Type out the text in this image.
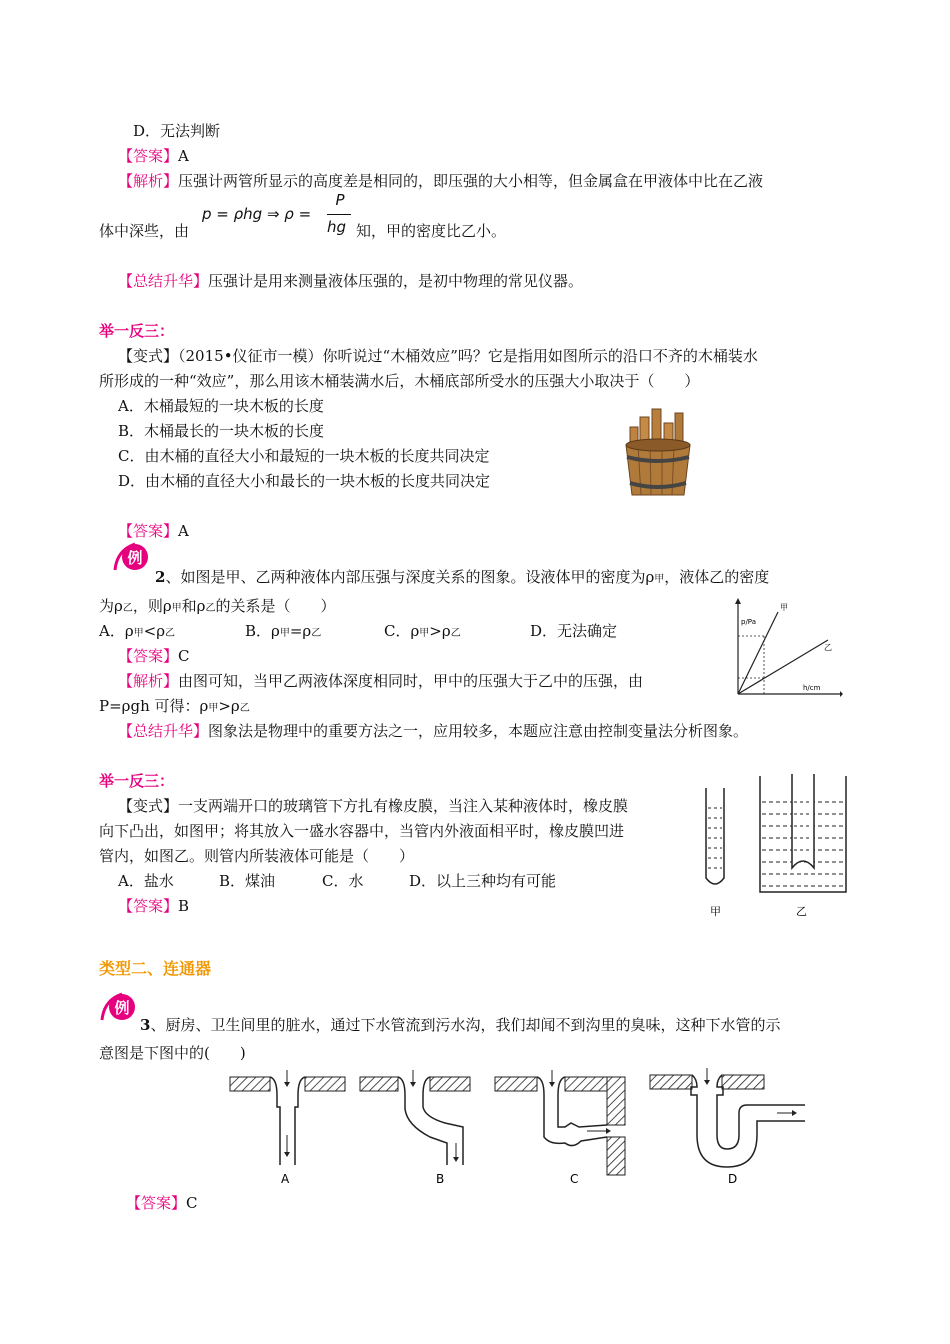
D．无法判断
【答案】A
【解析】压强计两管所显示的高度差是相同的，即压强的大小相等，但金属盒在甲液体中比在乙液
体中深些，由
p = ρhg ⇒ ρ =
P
hg 知，甲的密度比乙小。
【总结升华】压强计是用来测量液体压强的，是初中物理的常见仪器。
举一反三：
【变式】（2015•仪征市一模）你听说过“木桶效应”吗？它是指用如图所示的沿口不齐的木桶装水
所形成的一种“效应”，那么用该木桶装满水后，木桶底部所受水的压强大小取决于（　　）
A．木桶最短的一块木板的长度
B．木桶最长的一块木板的长度
C．由木桶的直径大小和最短的一块木板的长度共同决定
D．由木桶的直径大小和最长的一块木板的长度共同决定
【答案】A
例
2、如图是甲、乙两种液体内部压强与深度关系的图象。设液体甲的密度为ρ甲，液体乙的密度
为ρ乙，则ρ甲和ρ乙的关系是（　　）
A．ρ甲<ρ乙	B．ρ甲=ρ乙	C．ρ甲>ρ乙	D．无法确定
【答案】C
【解析】由图可知，当甲乙两液体深度相同时，甲中的压强大于乙中的压强，由
P=ρgh 可得：ρ甲>ρ乙
【总结升华】图象法是物理中的重要方法之一，应用较多，本题应注意由控制变量法分析图象。
p/Pa
h/cm
甲
乙
举一反三：
【变式】一支两端开口的玻璃管下方扎有橡皮膜，当注入某种液体时，橡皮膜
向下凸出，如图甲；将其放入一盛水容器中，当管内外液面相平时，橡皮膜凹进
管内，如图乙。则管内所装液体可能是（　　）
A．盐水	B．煤油	C．水	D．以上三种均有可能
【答案】B	甲	乙
类型二、连通器
例
3、厨房、卫生间里的脏水，通过下水管流到污水沟，我们却闻不到沟里的臭味，这种下水管的示
意图是下图中的(　　)
A	B	C	D
【答案】C
